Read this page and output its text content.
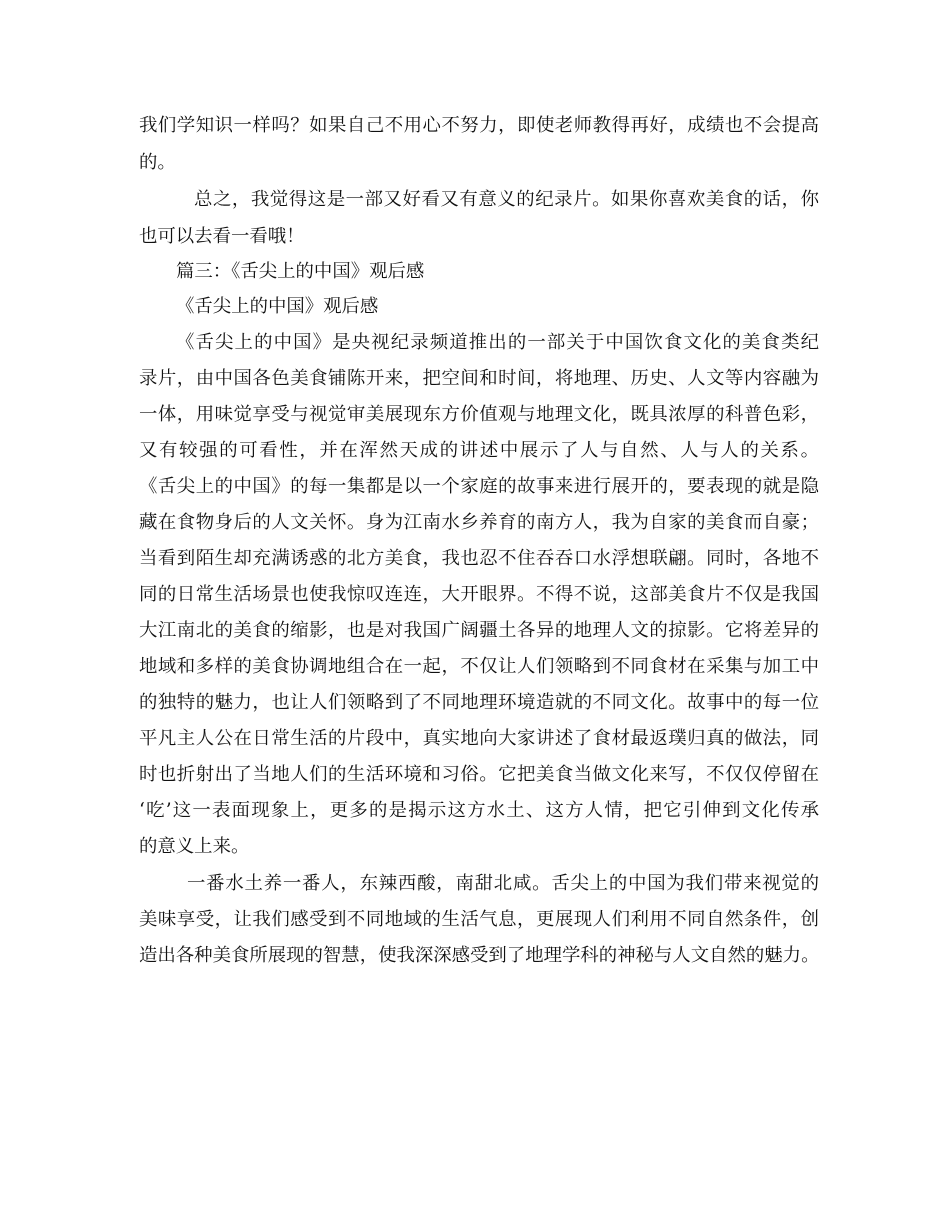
我们学知识一样吗？如果自己不用心不努力，即使老师教得再好，成绩也不会提高
的。
总之，我觉得这是一部又好看又有意义的纪录片。如果你喜欢美食的话，你
也可以去看一看哦！
篇三：《舌尖上的中国》观后感
《舌尖上的中国》观后感
《舌尖上的中国》是央视纪录频道推出的一部关于中国饮食文化的美食类纪
录片，由中国各色美食铺陈开来，把空间和时间，将地理、历史、人文等内容融为
一体，用味觉享受与视觉审美展现东方价值观与地理文化，既具浓厚的科普色彩，
又有较强的可看性，并在浑然天成的讲述中展示了人与自然、人与人的关系。
《舌尖上的中国》的每一集都是以一个家庭的故事来进行展开的，要表现的就是隐
藏在食物身后的人文关怀。身为江南水乡养育的南方人，我为自家的美食而自豪；
当看到陌生却充满诱惑的北方美食，我也忍不住吞吞口水浮想联翩。同时，各地不
同的日常生活场景也使我惊叹连连，大开眼界。不得不说，这部美食片不仅是我国
大江南北的美食的缩影，也是对我国广阔疆土各异的地理人文的掠影。它将差异的
地域和多样的美食协调地组合在一起，不仅让人们领略到不同食材在采集与加工中
的独特的魅力，也让人们领略到了不同地理环境造就的不同文化。故事中的每一位
平凡主人公在日常生活的片段中，真实地向大家讲述了食材最返璞归真的做法，同
时也折射出了当地人们的生活环境和习俗。它把美食当做文化来写，不仅仅停留在
‘吃’这一表面现象上，更多的是揭示这方水土、这方人情，把它引伸到文化传承
的意义上来。
一番水土养一番人，东辣西酸，南甜北咸。舌尖上的中国为我们带来视觉的
美味享受，让我们感受到不同地域的生活气息，更展现人们利用不同自然条件，创
造出各种美食所展现的智慧，使我深深感受到了地理学科的神秘与人文自然的魅力。
